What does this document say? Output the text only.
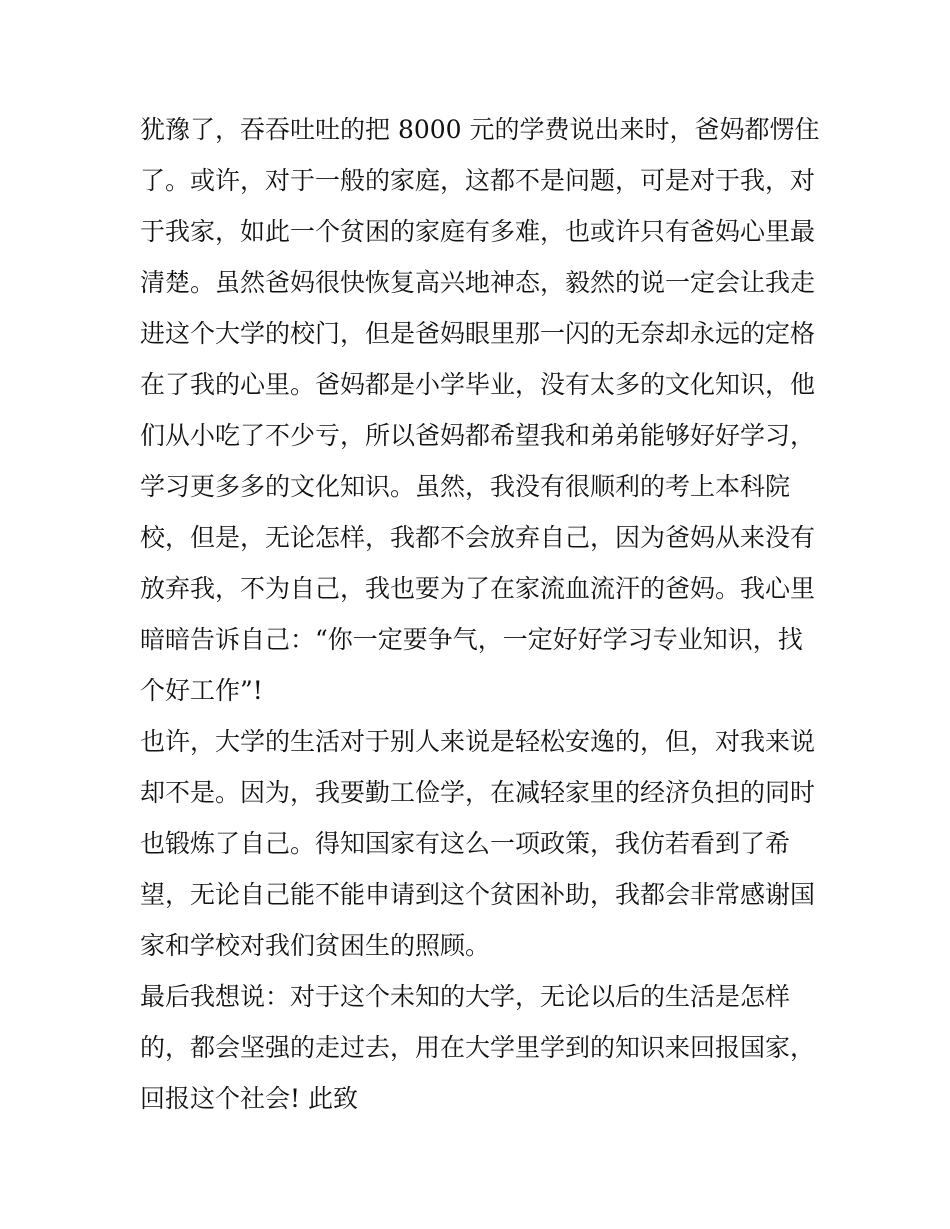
犹豫了，吞吞吐吐的把 8000 元的学费说出来时，爸妈都愣住
了。或许，对于一般的家庭，这都不是问题，可是对于我，对
于我家，如此一个贫困的家庭有多难，也或许只有爸妈心里最
清楚。虽然爸妈很快恢复高兴地神态，毅然的说一定会让我走
进这个大学的校门，但是爸妈眼里那一闪的无奈却永远的定格
在了我的心里。爸妈都是小学毕业，没有太多的文化知识，他
们从小吃了不少亏，所以爸妈都希望我和弟弟能够好好学习，
学习更多多的文化知识。虽然，我没有很顺利的考上本科院
校，但是，无论怎样，我都不会放弃自己，因为爸妈从来没有
放弃我，不为自己，我也要为了在家流血流汗的爸妈。我心里
暗暗告诉自己：“你一定要争气，一定好好学习专业知识，找
个好工作”!
也许，大学的生活对于别人来说是轻松安逸的，但，对我来说
却不是。因为，我要勤工俭学，在减轻家里的经济负担的同时
也锻炼了自己。得知国家有这么一项政策，我仿若看到了希
望，无论自己能不能申请到这个贫困补助，我都会非常感谢国
家和学校对我们贫困生的照顾。
最后我想说：对于这个未知的大学，无论以后的生活是怎样
的，都会坚强的走过去，用在大学里学到的知识来回报国家，
回报这个社会! 此致
